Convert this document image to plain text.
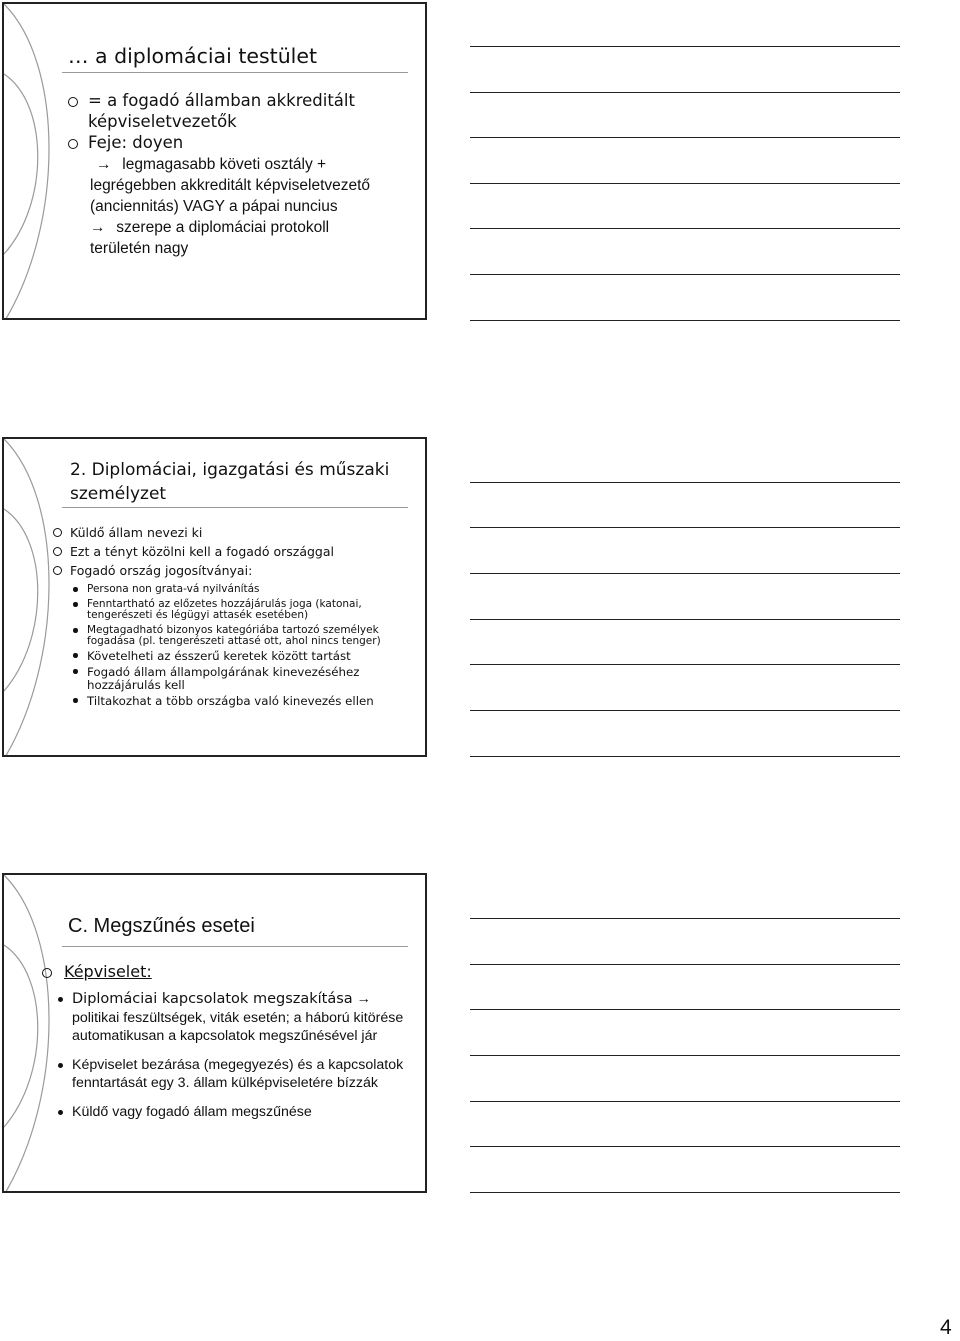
… a diplomáciai testület
= a fogadó államban akkreditált képviseletvezetők
Feje: doyen
→ legmagasabb követi osztály +
legrégebben akkreditált képviseletvezető
(anciennitás) VAGY a pápai nuncius
→ szerepe a diplomáciai protokoll
területén nagy
2. Diplomáciai, igazgatási és műszaki személyzet
Küldő állam nevezi ki
Ezt a tényt közölni kell a fogadó országgal
Fogadó ország jogosítványai:
Persona non grata-vá nyilvánítás
Fenntartható az előzetes hozzájárulás joga (katonai, tengerészeti és légügyi attasék esetében)
Megtagadható bizonyos kategóriába tartozó személyek fogadása (pl. tengerészeti attasé ott, ahol nincs tenger)
Követelheti az ésszerű keretek között tartást
Fogadó állam állampolgárának kinevezéséhez hozzájárulás kell
Tiltakozhat a több országba való kinevezés ellen
C. Megszűnés esetei
Képviselet:
Diplomáciai kapcsolatok megszakítása → politikai feszültségek, viták esetén; a háború kitörése automatikusan a kapcsolatok megszűnésével jár
Képviselet bezárása (megegyezés) és a kapcsolatok fenntartását egy 3. állam külképviseletére bízzák
Küldő vagy fogadó állam megszűnése
4
